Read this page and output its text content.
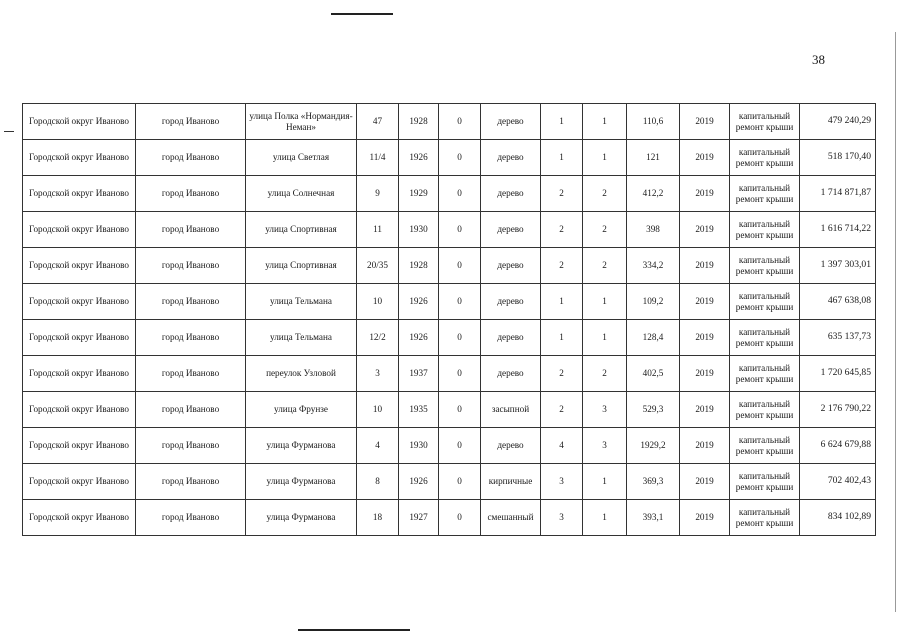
38
Городской округ Иваново	город Иваново	улица Полка «Нормандия-Неман»	47	1928	0	дерево	1	1	110,6	2019	капитальный ремонт крыши	479 240,29
Городской округ Иваново	город Иваново	улица Светлая	11/4	1926	0	дерево	1	1	121	2019	капитальный ремонт крыши	518 170,40
Городской округ Иваново	город Иваново	улица Солнечная	9	1929	0	дерево	2	2	412,2	2019	капитальный ремонт крыши	1 714 871,87
Городской округ Иваново	город Иваново	улица Спортивная	11	1930	0	дерево	2	2	398	2019	капитальный ремонт крыши	1 616 714,22
Городской округ Иваново	город Иваново	улица Спортивная	20/35	1928	0	дерево	2	2	334,2	2019	капитальный ремонт крыши	1 397 303,01
Городской округ Иваново	город Иваново	улица Тельмана	10	1926	0	дерево	1	1	109,2	2019	капитальный ремонт крыши	467 638,08
Городской округ Иваново	город Иваново	улица Тельмана	12/2	1926	0	дерево	1	1	128,4	2019	капитальный ремонт крыши	635 137,73
Городской округ Иваново	город Иваново	переулок Узловой	3	1937	0	дерево	2	2	402,5	2019	капитальный ремонт крыши	1 720 645,85
Городской округ Иваново	город Иваново	улица Фрунзе	10	1935	0	засыпной	2	3	529,3	2019	капитальный ремонт крыши	2 176 790,22
Городской округ Иваново	город Иваново	улица Фурманова	4	1930	0	дерево	4	3	1929,2	2019	капитальный ремонт крыши	6 624 679,88
Городской округ Иваново	город Иваново	улица Фурманова	8	1926	0	кирпичные	3	1	369,3	2019	капитальный ремонт крыши	702 402,43
Городской округ Иваново	город Иваново	улица Фурманова	18	1927	0	смешанный	3	1	393,1	2019	капитальный ремонт крыши	834 102,89
